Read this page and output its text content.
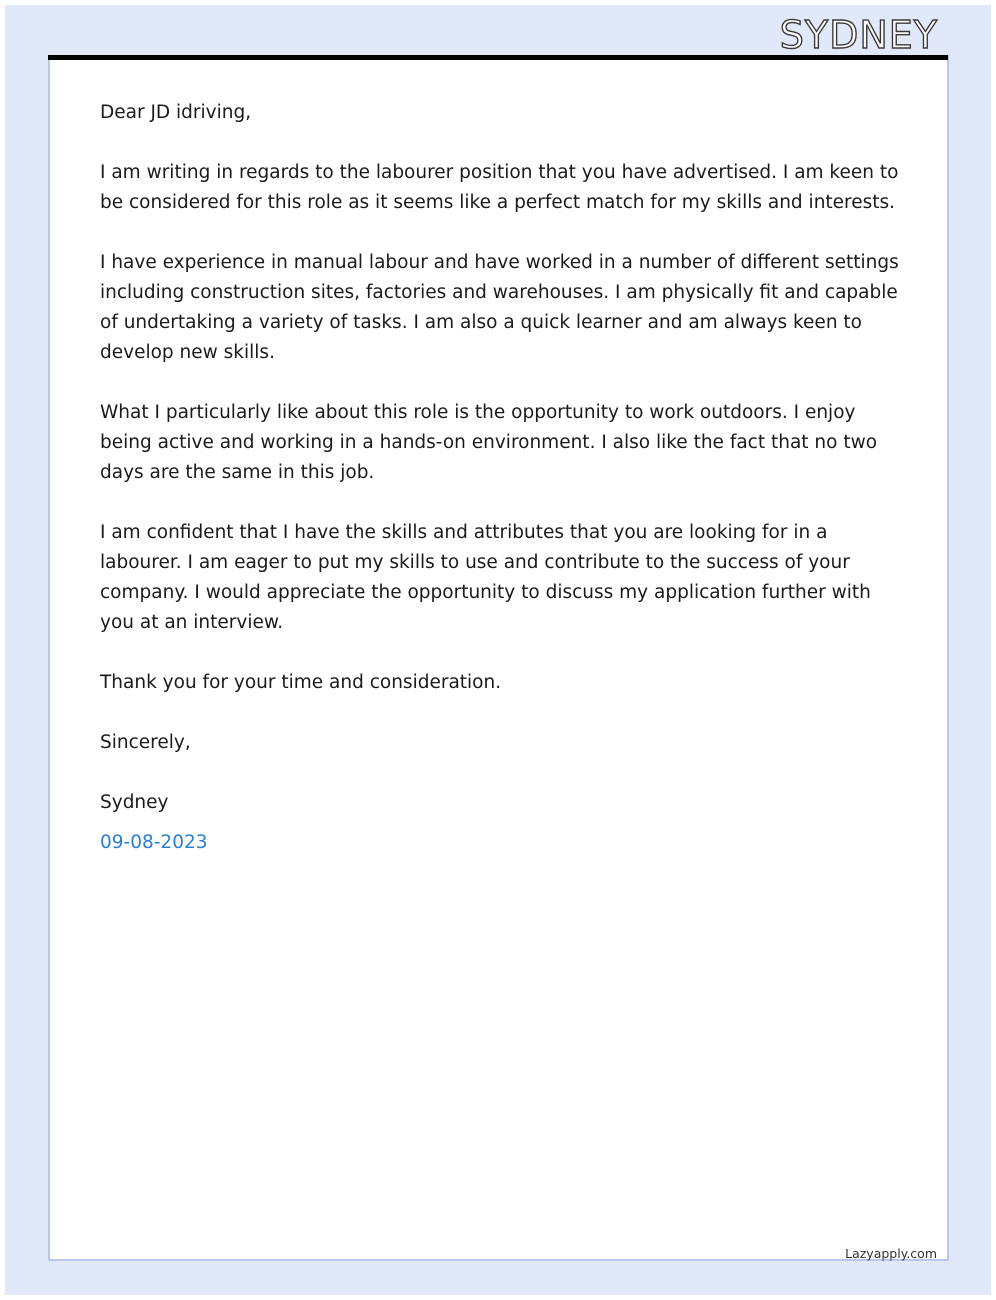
SYDNEY

Dear JD idriving,

I am writing in regards to the labourer position that you have advertised. I am keen to be considered for this role as it seems like a perfect match for my skills and interests.

I have experience in manual labour and have worked in a number of different settings including construction sites, factories and warehouses. I am physically fit and capable of undertaking a variety of tasks. I am also a quick learner and am always keen to develop new skills.

What I particularly like about this role is the opportunity to work outdoors. I enjoy being active and working in a hands-on environment. I also like the fact that no two days are the same in this job.

I am confident that I have the skills and attributes that you are looking for in a labourer. I am eager to put my skills to use and contribute to the success of your company. I would appreciate the opportunity to discuss my application further with you at an interview.

Thank you for your time and consideration.

Sincerely,

Sydney

09-08-2023

Lazyapply.com
